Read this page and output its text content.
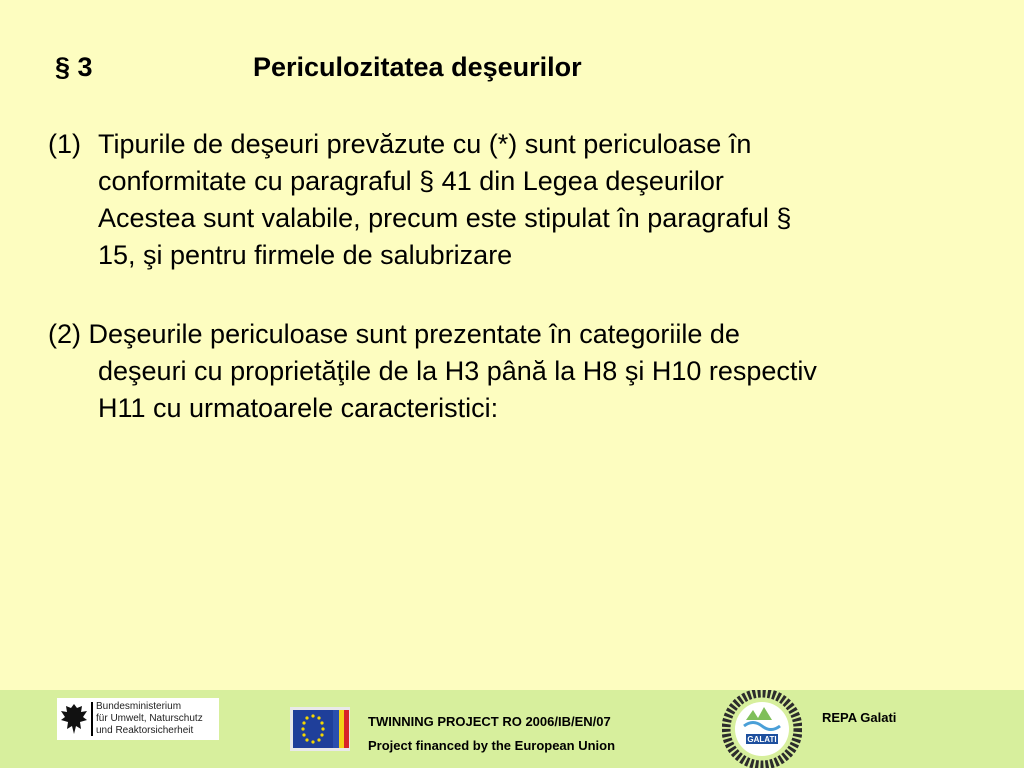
§ 3	Periculozitatea deşeurilor
(1) Tipurile de deşeuri prevăzute cu (*) sunt periculoase în
conformitate cu paragraful § 41 din Legea deşeurilor
Acestea sunt valabile, precum este stipulat în paragraful §
15, şi pentru firmele de salubrizare
(2) Deşeurile periculoase sunt prezentate în categoriile de
deşeuri cu proprietăţile de la H3 până la H8 şi H10 respectiv
H11 cu urmatoarele caracteristici:
Bundesministerium
für Umwelt, Naturschutz
und Reaktorsicherheit
TWINNING PROJECT RO 2006/IB/EN/07
Project financed by the European Union	GALATI
REPA Galati
